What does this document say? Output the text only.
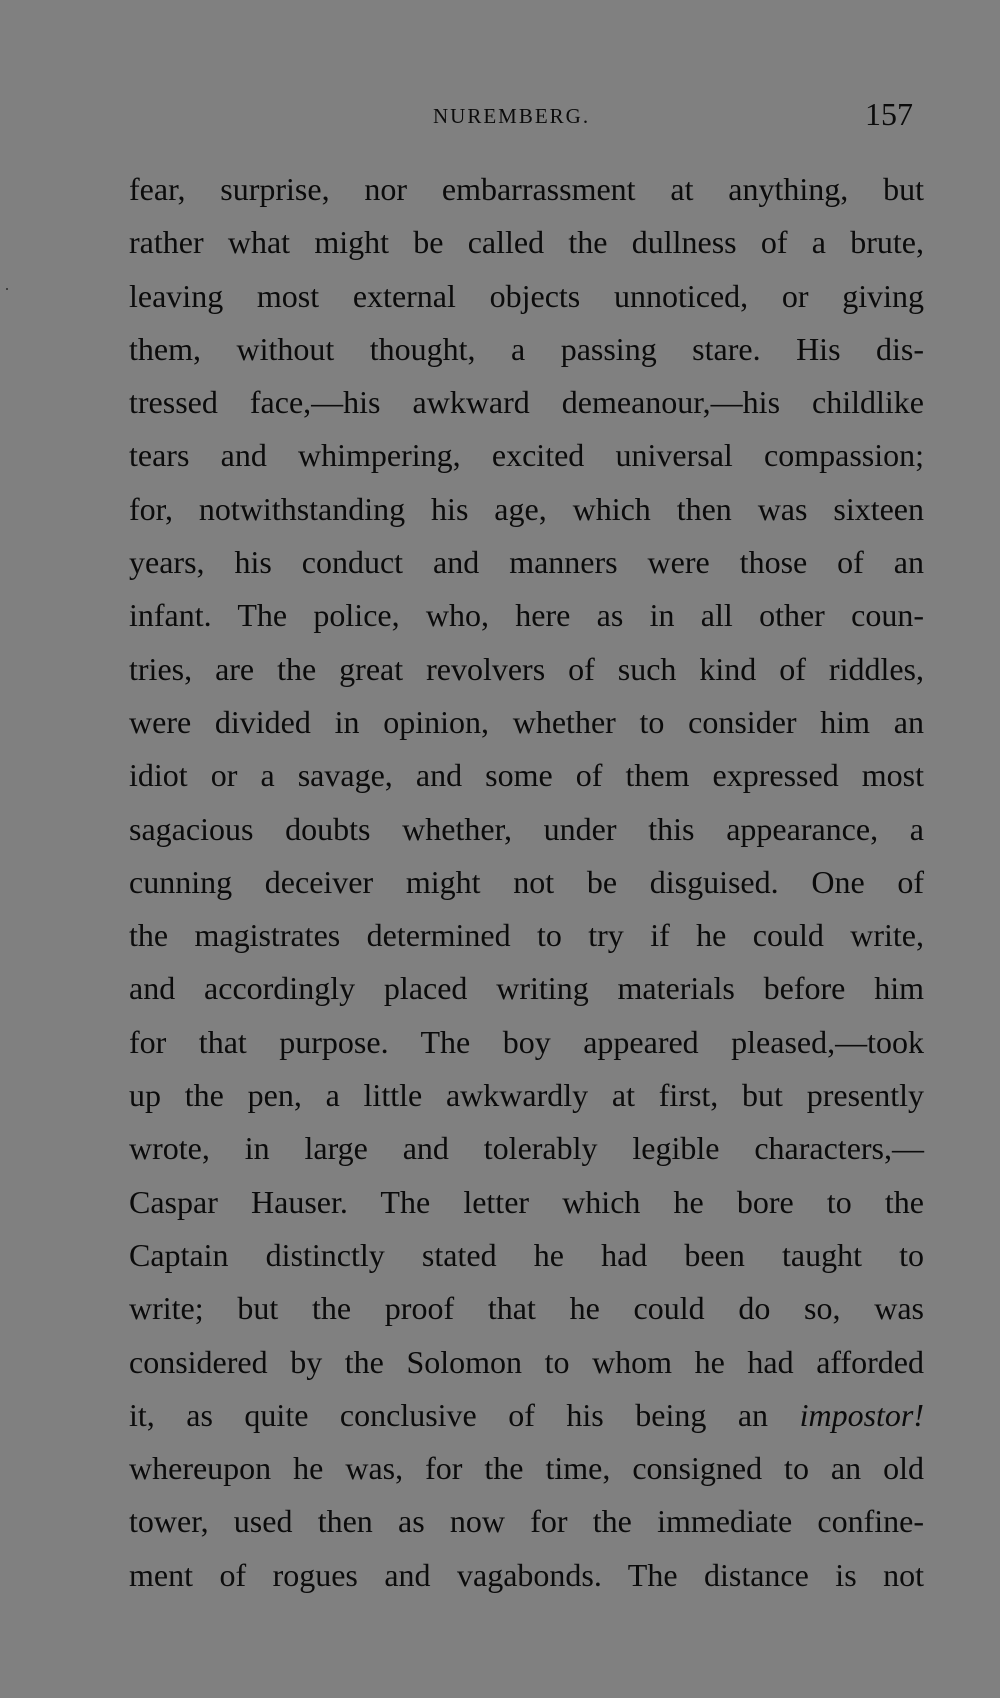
NUREMBERG.	157
fear, surprise, nor embarrassment at anything, but
rather what might be called the dullness of a brute,
leaving most external objects unnoticed, or giving
them, without thought, a passing stare. His dis-
tressed face,—his awkward demeanour,—his childlike
tears and whimpering, excited universal compassion;
for, notwithstanding his age, which then was sixteen
years, his conduct and manners were those of an
infant. The police, who, here as in all other coun-
tries, are the great revolvers of such kind of riddles,
were divided in opinion, whether to consider him an
idiot or a savage, and some of them expressed most
sagacious doubts whether, under this appearance, a
cunning deceiver might not be disguised. One of
the magistrates determined to try if he could write,
and accordingly placed writing materials before him
for that purpose. The boy appeared pleased,—took
up the pen, a little awkwardly at first, but presently
wrote, in large and tolerably legible characters,—
Caspar Hauser. The letter which he bore to the
Captain distinctly stated he had been taught to
write; but the proof that he could do so, was
considered by the Solomon to whom he had afforded
it, as quite conclusive of his being an impostor!
whereupon he was, for the time, consigned to an old
tower, used then as now for the immediate confine-
ment of rogues and vagabonds. The distance is not
